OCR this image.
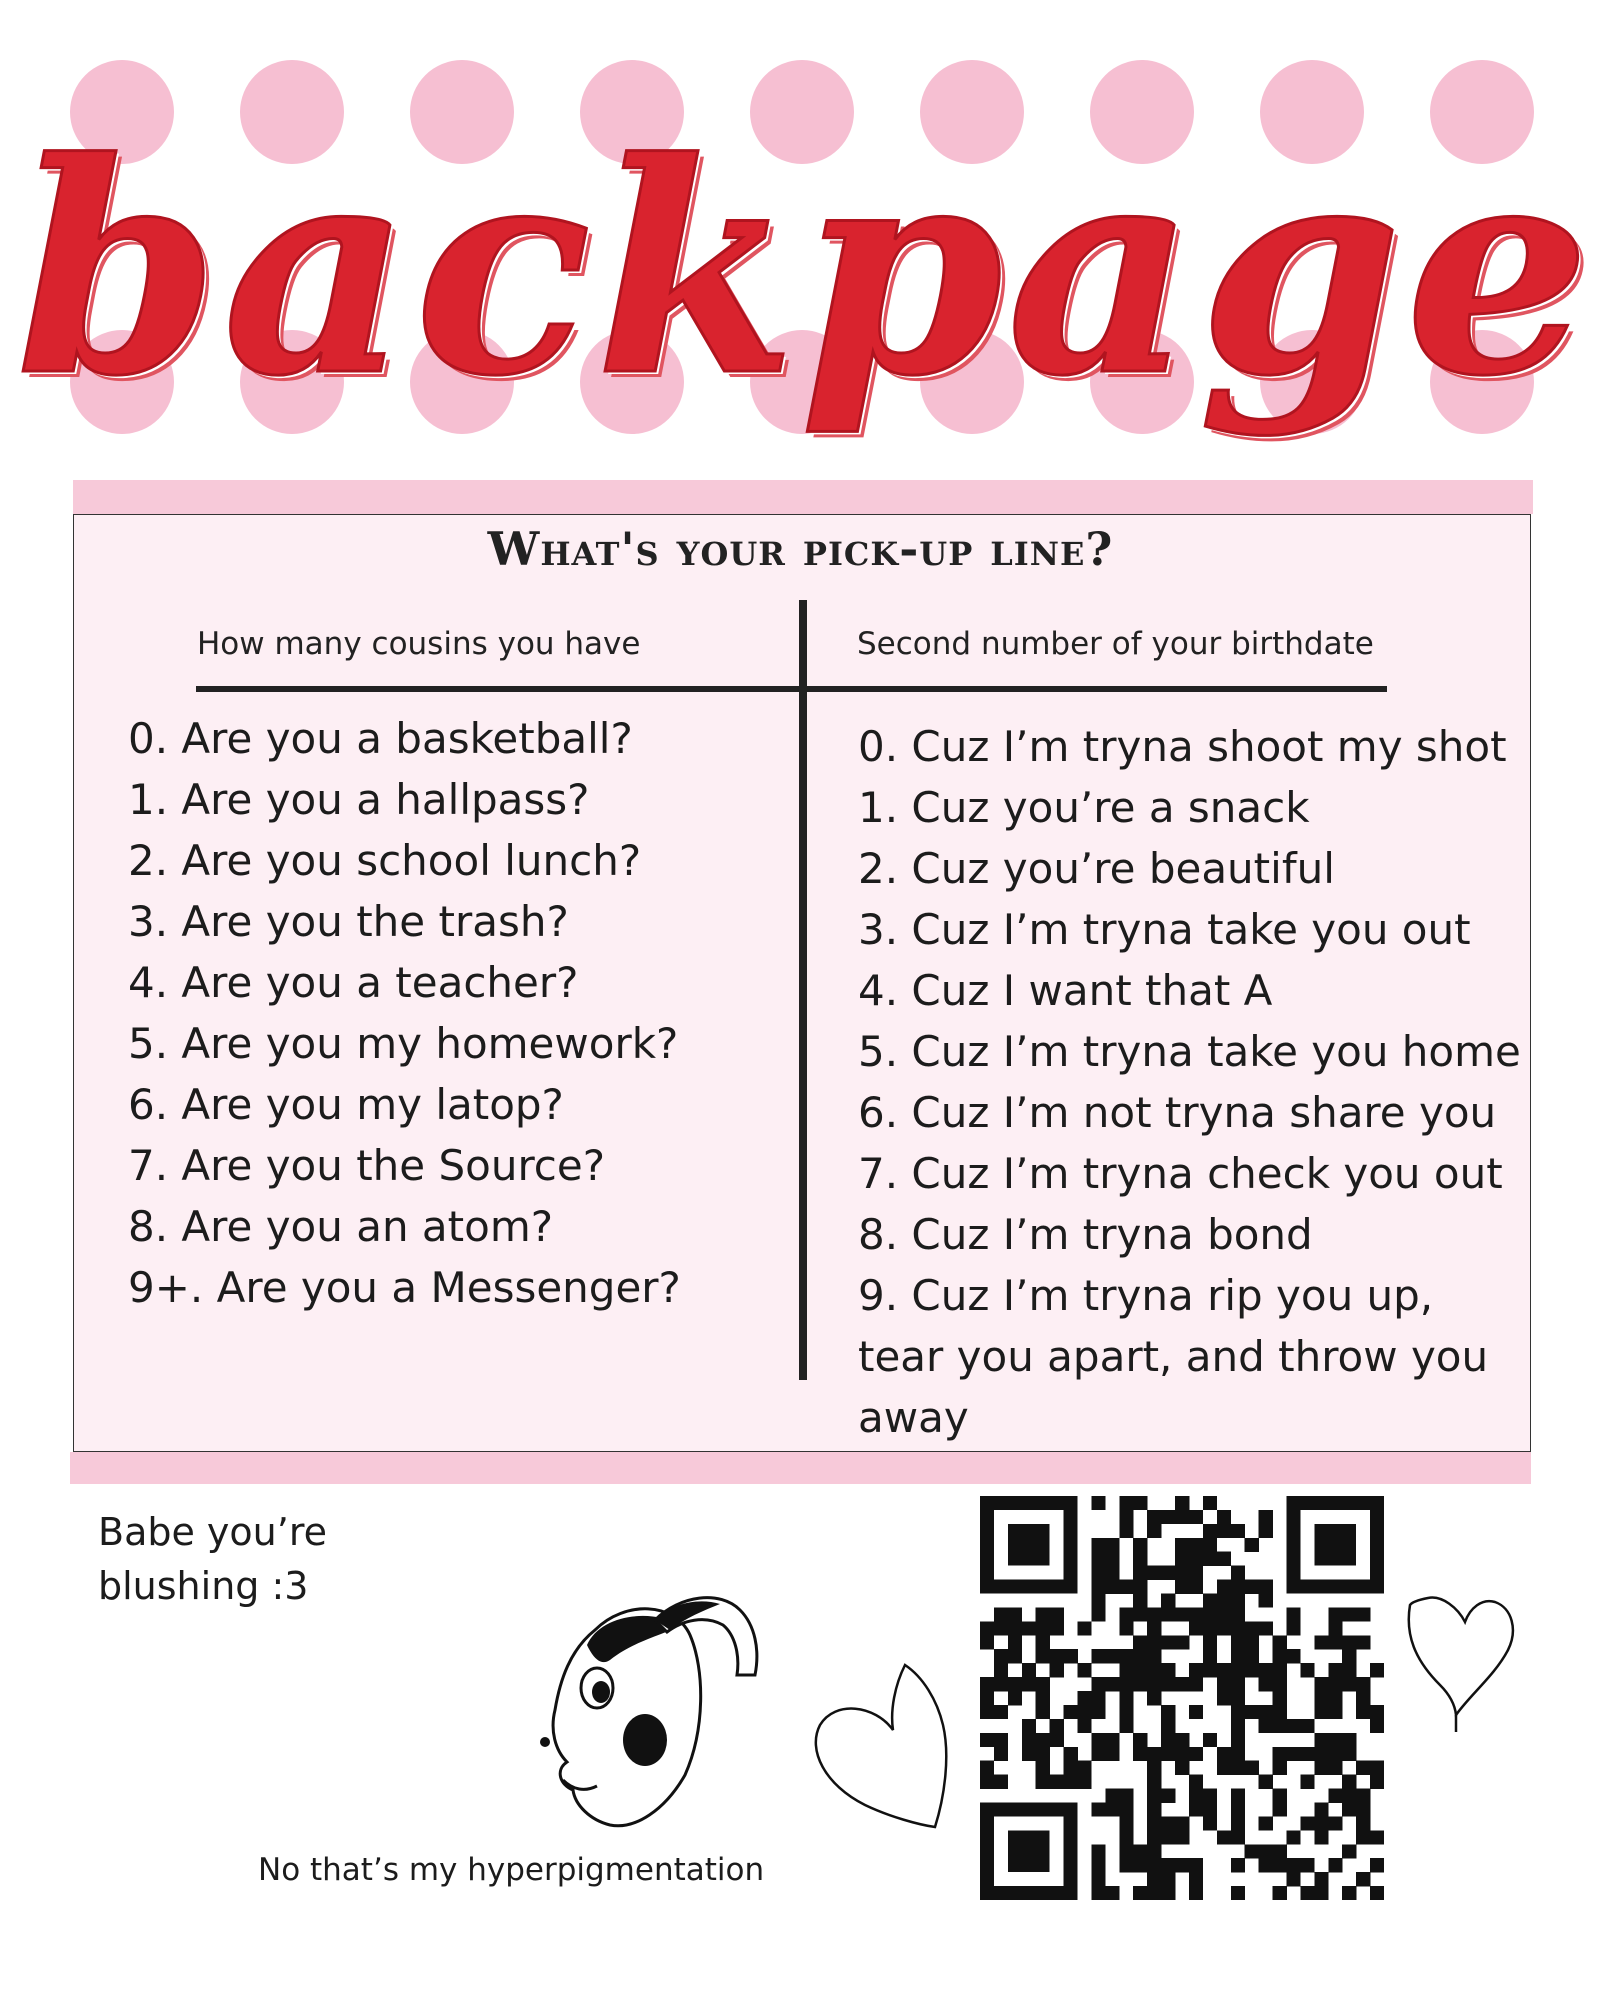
backpage
What's your pick-up line?
How many cousins you have	Second number of your birthdate
0. Are you a basketball?
1. Are you a hallpass?
2. Are you school lunch?
3. Are you the trash?
4. Are you a teacher?
5. Are you my homework?
6. Are you my latop?
7. Are you the Source?
8. Are you an atom?
9+. Are you a Messenger?
0. Cuz I’m tryna shoot my shot
1. Cuz you’re a snack
2. Cuz you’re beautiful
3. Cuz I’m tryna take you out
4. Cuz I want that A
5. Cuz I’m tryna take you home
6. Cuz I’m not tryna share you
7. Cuz I’m tryna check you out
8. Cuz I’m tryna bond
9. Cuz I’m tryna rip you up, tear you apart, and throw you away
Babe you’re blushing :3
No that’s my hyperpigmentation
